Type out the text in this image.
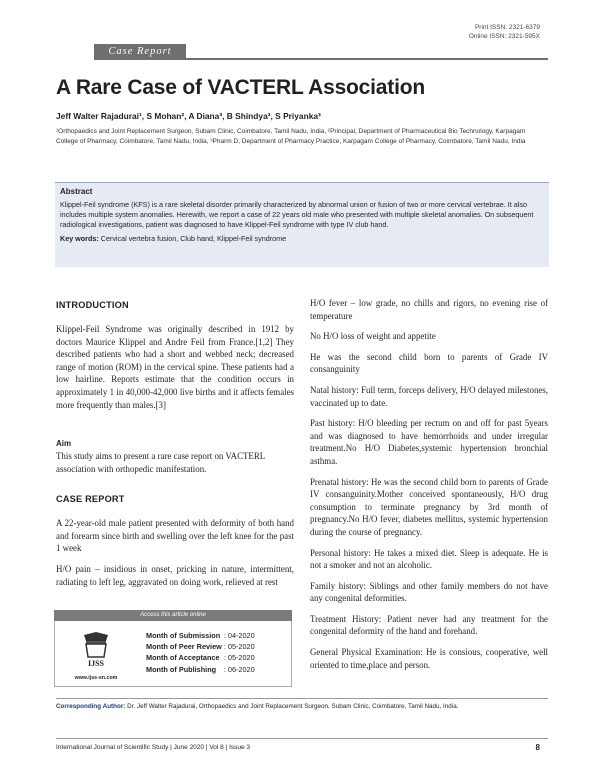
Print ISSN: 2321-6379
Online ISSN: 2321-595X
Case Report
A Rare Case of VACTERL Association
Jeff Walter Rajadurai¹, S Mohan², A Diana³, B Shindya³, S Priyanka³
¹Orthopaedics and Joint Replacement Surgeon, Subam Clinic, Coimbatore, Tamil Nadu, India, ²Principal, Department of Pharmaceutical Bio Technology, Karpagam College of Pharmacy, Coimbatore, Tamil Nadu, India, ³Pharm D, Department of Pharmacy Practice, Karpagam College of Pharmacy, Coimbatore, Tamil Nadu, India
Abstract
Klippel-Feil syndrome (KFS) is a rare skeletal disorder primarily characterized by abnormal union or fusion of two or more cervical vertebrae. It also includes multiple system anomalies. Herewith, we report a case of 22 years old male who presented with multiple skeletal anomalies. On subsequent radiological investigations, patient was diagnosed to have Klippel-Feil syndrome with type IV club hand.
Key words: Cervical vertebra fusion, Club hand, Klippel-Feil syndrome
INTRODUCTION
Klippel-Feil Syndrome was originally described in 1912 by doctors Maurice Klippel and Andre Feil from France.[1,2] They described patients who had a short and webbed neck; decreased range of motion (ROM) in the cervical spine. These patients had a low hairline. Reports estimate that the condition occurs in approximately 1 in 40,000-42,000 live births and it affects females more frequently than males.[3]
Aim
This study aims to present a rare case report on VACTERL association with orthopedic manifestation.
CASE REPORT
A 22-year-old male patient presented with deformity of both hand and forearm since birth and swelling over the left knee for the past 1 week
H/O pain – insidious in onset, pricking in nature, intermittent, radiating to left leg, aggravated on doing work, relieved at rest
Access this article online
IJSS
www.ijss-sn.com
Month of Submission	: 04-2020
Month of Peer Review	: 05-2020
Month of Acceptance	: 05-2020
Month of Publishing	: 06-2020

H/O fever – low grade, no chills and rigors, no evening rise of temperature

No H/O loss of weight and appetite

He was the second child born to parents of Grade IV consanguinity

Natal history: Full term, forceps delivery, H/O delayed milestones, vaccinated up to date.

Past history: H/O bleeding per rectum on and off for past 5years and was diagnosed to have hemorrhoids and under irregular treatment.No H/O Diabetes,systemic hypertension bronchial asthma.

Prenatal history: He was the second child born to parents of Grade IV consanguinity.Mother conceived spontaneously, H/O drug consumption to terminate pregnancy by 3rd month of pregnancy.No H/O fever, diabetes mellitus, systemic hypertension during the course of pregnancy.

Personal history: He takes a mixed diet. Sleep is adequate. He is not a smoker and not an alcoholic.

Family history: Siblings and other family members do not have any congenital deformities.

Treatment History: Patient never had any treatment for the congenital deformity of the hand and forehand.

General Physical Examination: He is consious, cooperative, well oriented to time,place and person.

Corresponding Author: Dr. Jeff Walter Rajadurai, Orthopaedics and Joint Replacement Surgeon, Subam Clinic, Coimbatore, Tamil Nadu, India.
International Journal of Scientific Study | June 2020 | Vol 8 | Issue 3	8
